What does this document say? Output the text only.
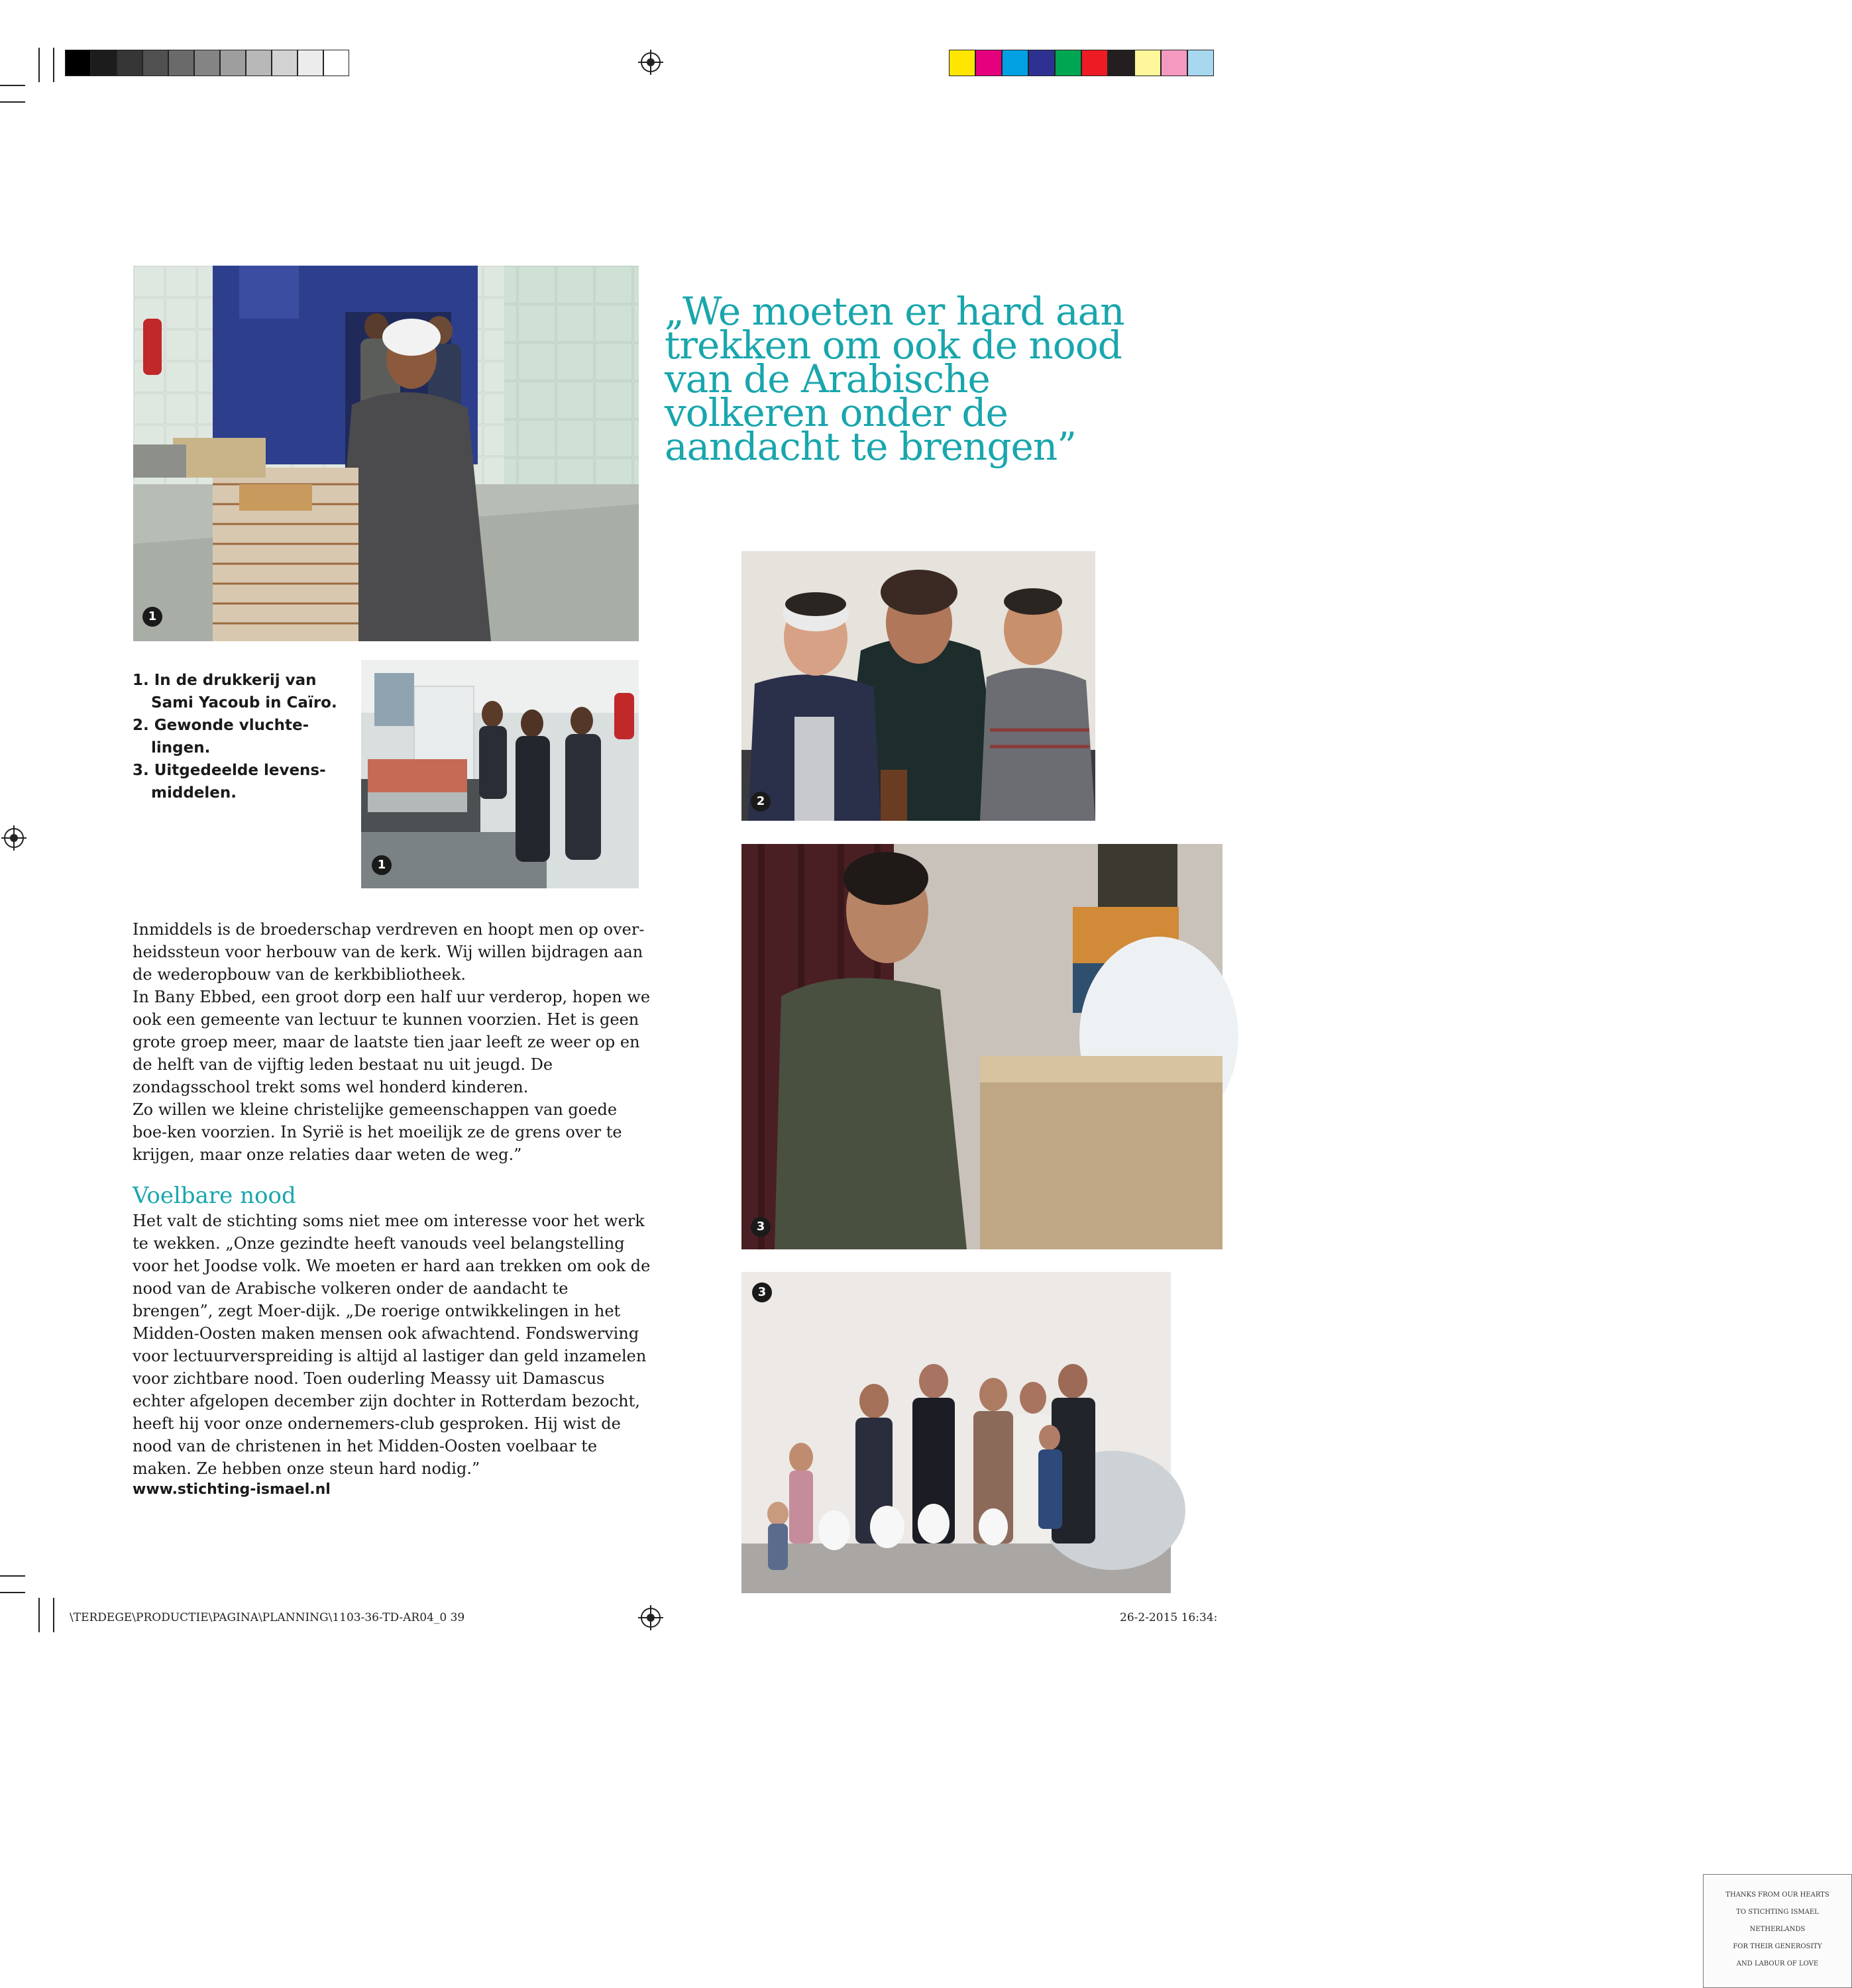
\TERDEGE\PRODUCTIE\PAGINA\PLANNING\1103-36-TD-AR04_0 39	26-2-2015 16:34:
„We moeten er hard aan trekken om ook de nood van de Arabische volkeren onder de aandacht te brengen”
1
1. In de drukkerij van Sami Yacoub in Caïro.
2. Gewonde vluchte-lingen.
3. Uitgedeelde levens-middelen.
1
2
THANKS FROM OUR HEARTS
TO STICHTING ISMAEL
NETHERLANDS
FOR THEIR GENEROSITY
AND LABOUR OF LOVE
3
3

Inmiddels is de broederschap verdreven en hoopt men op over-heidssteun voor herbouw van de kerk. Wij willen bijdragen aan de wederopbouw van de kerkbibliotheek.

In Bany Ebbed, een groot dorp een half uur verderop, hopen we ook een gemeente van lectuur te kunnen voorzien. Het is geen grote groep meer, maar de laatste tien jaar leeft ze weer op en de helft van de vijftig leden bestaat nu uit jeugd. De zondagsschool trekt soms wel honderd kinderen.

Zo willen we kleine christelijke gemeenschappen van goede boe-ken voorzien. In Syrië is het moeilijk ze de grens over te krijgen, maar onze relaties daar weten de weg.”

Voelbare nood

Het valt de stichting soms niet mee om interesse voor het werk te wekken. „Onze gezindte heeft vanouds veel belangstelling voor het Joodse volk. We moeten er hard aan trekken om ook de nood van de Arabische volkeren onder de aandacht te brengen”, zegt Moer-dijk. „De roerige ontwikkelingen in het Midden-Oosten maken mensen ook afwachtend. Fondswerving voor lectuurverspreiding is altijd al lastiger dan geld inzamelen voor zichtbare nood. Toen ouderling Meassy uit Damascus echter afgelopen december zijn dochter in Rotterdam bezocht, heeft hij voor onze ondernemers-club gesproken. Hij wist de nood van de christenen in het Midden-Oosten voelbaar te maken. Ze hebben onze steun hard nodig.”

www.stichting-ismael.nl
